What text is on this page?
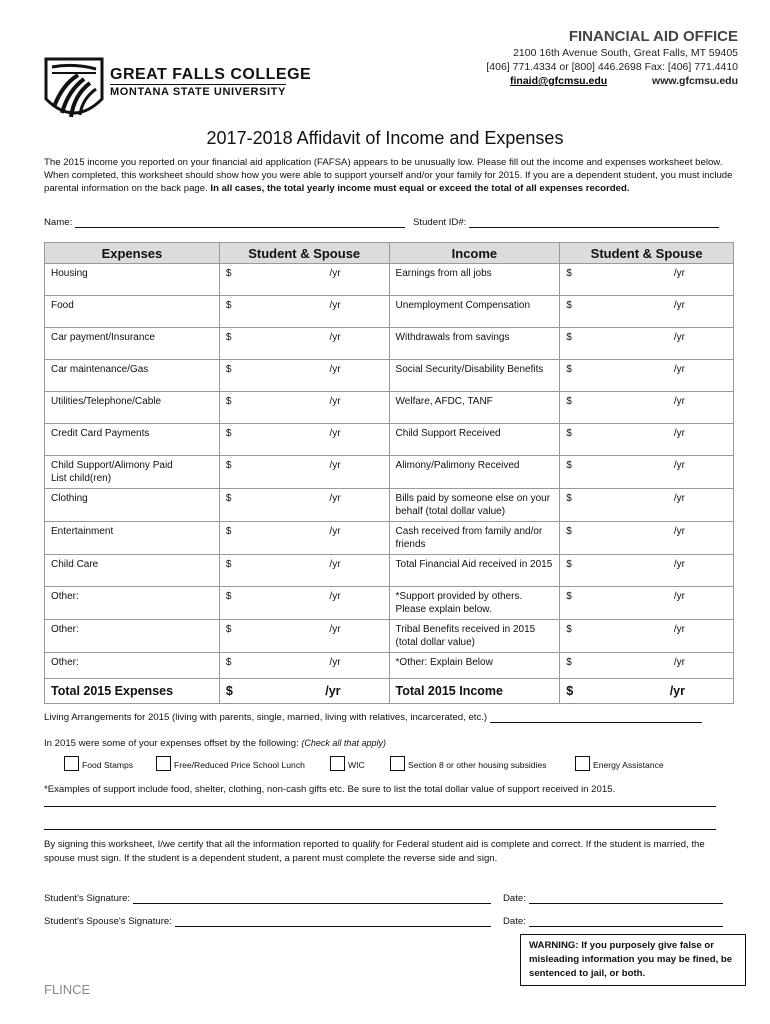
FINANCIAL AID OFFICE
2100 16th Avenue South, Great Falls, MT 59405
[406] 771.4334 or [800] 446.2698 Fax: [406] 771.4410
finaid@gfcmsu.edu	www.gfcmsu.edu
GREAT FALLS COLLEGE
MONTANA STATE UNIVERSITY
2017-2018 Affidavit of Income and Expenses
The 2015 income you reported on your financial aid application (FAFSA) appears to be unusually low. Please fill out the income and expenses worksheet below. When completed, this worksheet should show how you were able to support yourself and/or your family for 2015. If you are a dependent student, you must include parental information on the back page. In all cases, the total yearly income must equal or exceed the total of all expenses recorded.
Name:	Student ID#:
Expenses	Student & Spouse	Income	Student & Spouse

Housing	$ /yr	Earnings from all jobs	$ /yr

Food	$ /yr	Unemployment Compensation	$ /yr

Car payment/Insurance	$ /yr	Withdrawals from savings	$ /yr

Car maintenance/Gas	$ /yr	Social Security/Disability Benefits	$ /yr

Utilities/Telephone/Cable	$ /yr	Welfare, AFDC, TANF	$ /yr

Credit Card Payments	$ /yr	Child Support Received	$ /yr

Child Support/Alimony Paid
List child(ren)	$ /yr	Alimony/Palimony Received	$ /yr

Clothing	$ /yr	Bills paid by someone else on your behalf (total dollar value)	$ /yr

Entertainment	$ /yr	Cash received from family and/or friends	$ /yr

Child Care	$ /yr	Total Financial Aid received in 2015	$ /yr

Other:	$ /yr	*Support provided by others. Please explain below.	$ /yr

Other:	$ /yr	Tribal Benefits received in 2015 (total dollar value)	$ /yr

Other:	$ /yr	*Other: Explain Below	$ /yr

Total 2015 Expenses	$ /yr	Total 2015 Income	$ /yr
Living Arrangements for 2015 (living with parents, single, married, living with relatives, incarcerated, etc.)
In 2015 were some of your expenses offset by the following: (Check all that apply)
Food Stamps	Free/Reduced Price School Lunch	WIC	Section 8 or other housing subsidies	Energy Assistance
*Examples of support include food, shelter, clothing, non-cash gifts etc. Be sure to list the total dollar value of support received in 2015.
By signing this worksheet, I/we certify that all the information reported to qualify for Federal student aid is complete and correct. If the student is married, the spouse must sign. If the student is a dependent student, a parent must complete the reverse side and sign.
Student's Signature:	Date:
Student's Spouse's Signature:	Date:
WARNING: If you purposely give false or misleading information you may be fined, be sentenced to jail, or both.
FLINCE
